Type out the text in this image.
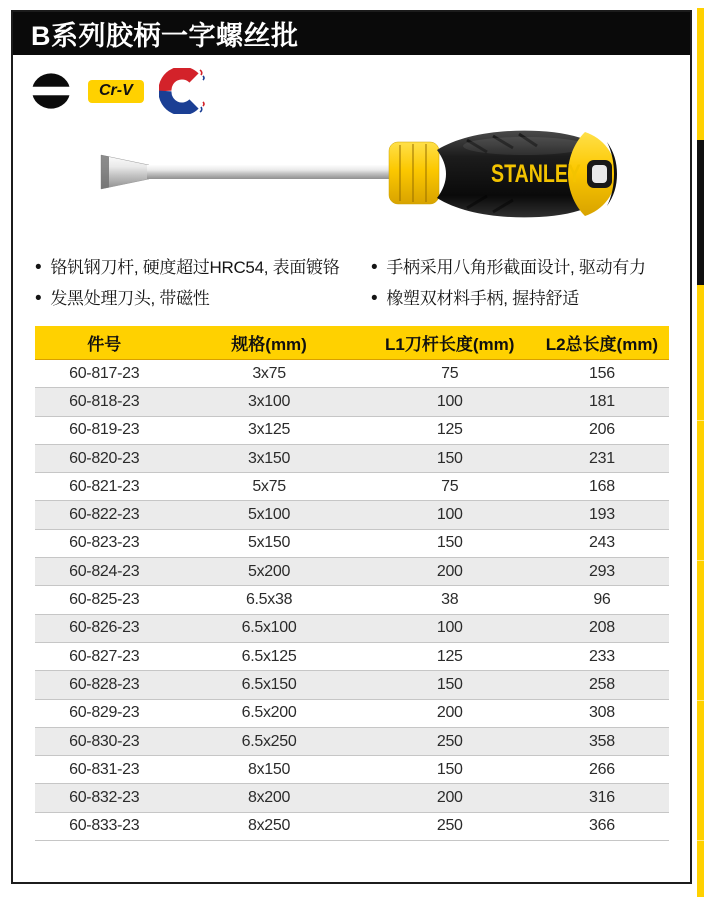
B系列胶柄一字螺丝批
Cr-V
STANLEY
• 铬钒钢刀杆, 硬度超过HRC54, 表面镀铬
• 发黑处理刀头, 带磁性
• 手柄采用八角形截面设计, 驱动有力
• 橡塑双材料手柄, 握持舒适
件号	规格(mm)	L1刀杆长度(mm)	L2总长度(mm)
60-817-23	3x75	75	156
60-818-23	3x100	100	181
60-819-23	3x125	125	206
60-820-23	3x150	150	231
60-821-23	5x75	75	168
60-822-23	5x100	100	193
60-823-23	5x150	150	243
60-824-23	5x200	200	293
60-825-23	6.5x38	38	96
60-826-23	6.5x100	100	208
60-827-23	6.5x125	125	233
60-828-23	6.5x150	150	258
60-829-23	6.5x200	200	308
60-830-23	6.5x250	250	358
60-831-23	8x150	150	266
60-832-23	8x200	200	316
60-833-23	8x250	250	366
